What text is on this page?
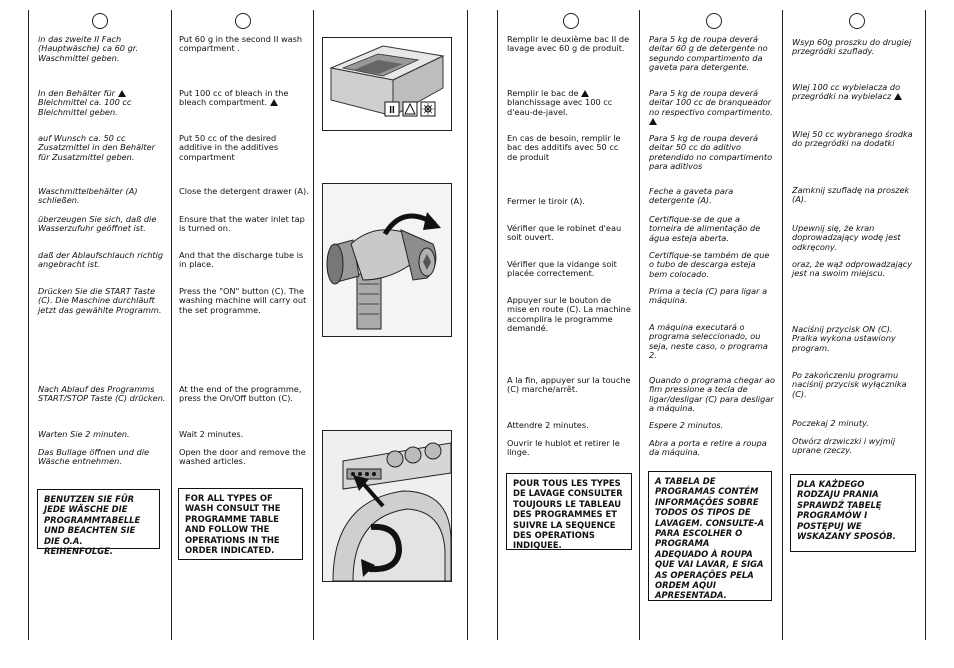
in das zweite II Fach (Hauptwäsche) ca 60 gr. Waschmittel geben.

In den Behälter für
Bleichmittel ca. 100 cc Bleichmittel geben.

auf Wunsch ca. 50 cc Zusatzmittel in den Behälter für Zusatzmittel geben.

Waschmittelbehälter (A) schließen.

überzeugen Sie sich, daß die Wasserzufuhr geöffnet ist.

daß der Ablaufschlauch richtig angebracht ist.

Drücken Sie die START Taste (C). Die Maschine durchläuft jetzt das gewählte Programm.

Nach Ablauf des Programms START/STOP Taste (C) drücken.

Warten Sie 2 minuten.

Das Bullage öffnen und die Wäsche entnehmen.

BENUTZEN SIE FÜR JEDE WÄSCHE DIE PROGRAMMTABELLE UND BEACHTEN SIE DIE O.A. REIHENFOLGE.

Put 60 g in the second II wash compartment .

Put 100 cc of bleach in the bleach compartment.

Put 50 cc of the desired additive in the additives compartment

Close the detergent drawer (A).

Ensure that the water inlet tap is turned on.

And that the discharge tube is in place.

Press the "ON" button (C). The washing machine will carry out the set programme.

At the end of the programme, press the On/Off button (C).

Wait 2 minutes.

Open the door and remove the washed articles.

FOR ALL TYPES OF WASH CONSULT THE PROGRAMME TABLE AND FOLLOW THE OPERATIONS IN THE ORDER INDICATED.
II

Remplir le deuxième bac II de lavage avec 60 g de produit.

Remplir le bac de
blanchissage avec 100 cc d'eau-de-javel.

En cas de besoin, remplir le bac des additifs avec 50 cc de produit

Fermer le tiroir (A).

Vérifier que le robinet d'eau soit ouvert.

Vérifier que la vidange soit placée correctement.

Appuyer sur le bouton de mise en route (C). La machine accomplira le programme demandé.

A la fin, appuyer sur la touche (C) marche/arrêt.

Attendre 2 minutes.

Ouvrir le hublot et retirer le linge.

POUR TOUS LES TYPES DE LAVAGE CONSULTER TOUJOURS LE TABLEAU DES PROGRAMMES ET SUIVRE LA SEQUENCE DES OPERATIONS INDIQUEE.

Para 5 kg de roupa deverá deitar 60 g de detergente no segundo compartimento da gaveta para detergente.

Para 5 kg de roupa deverá deitar 100 cc de branqueador no respectivo compartimento.

Para 5 kg de roupa deverá deitar 50 cc do aditivo pretendido no compartimento para aditivos

Feche a gaveta para detergente (A).

Certifique-se de que a torneira de alimentação de água esteja aberta.

Certifique-se também de que o tubo de descarga esteja bem colocado.

Prima a tecla (C) para ligar a máquina.

A máquina executará o programa seleccionado, ou seja, neste caso, o programa 2.

Quando o programa chegar ao fim pressione a tecla de ligar/desligar (C) para desligar a máquina.

Espere 2 minutos.

Abra a porta e retire a roupa da máquina.

A TABELA DE PROGRAMAS CONTÉM INFORMAÇÕES SOBRE TODOS OS TIPOS DE LAVAGEM. CONSULTE-A PARA ESCOLHER O PROGRAMA ADEQUADO À ROUPA QUE VAI LAVAR, E SIGA AS OPERAÇÕES PELA ORDEM AQUI APRESENTADA.

Wsyp 60g proszku do drugiej przegródki szuflady.

Wlej 100 cc wybielacza do przegródki na wybielacz

Wlej 50 cc wybranego środka do przegródki na dodatki

Zamknij szufladę na proszek (A).

Upewnij się, że kran doprowadzający wodę jest odkręcony.

oraz, że wąż odprowadzający jest na swoim miejscu.

Naciśnij przycisk ON (C). Pralka wykona ustawiony program.

Po zakończeniu programu naciśnij przycisk wyłącznika (C).

Poczekaj 2 minuty.

Otwórz drzwiczki i wyjmij uprane rzeczy.

DLA KAŻDEGO RODZAJU PRANIA SPRAWDŹ TABELĘ PROGRAMÓW I POSTĘPUJ WE WSKAZANY SPOSÓB.
